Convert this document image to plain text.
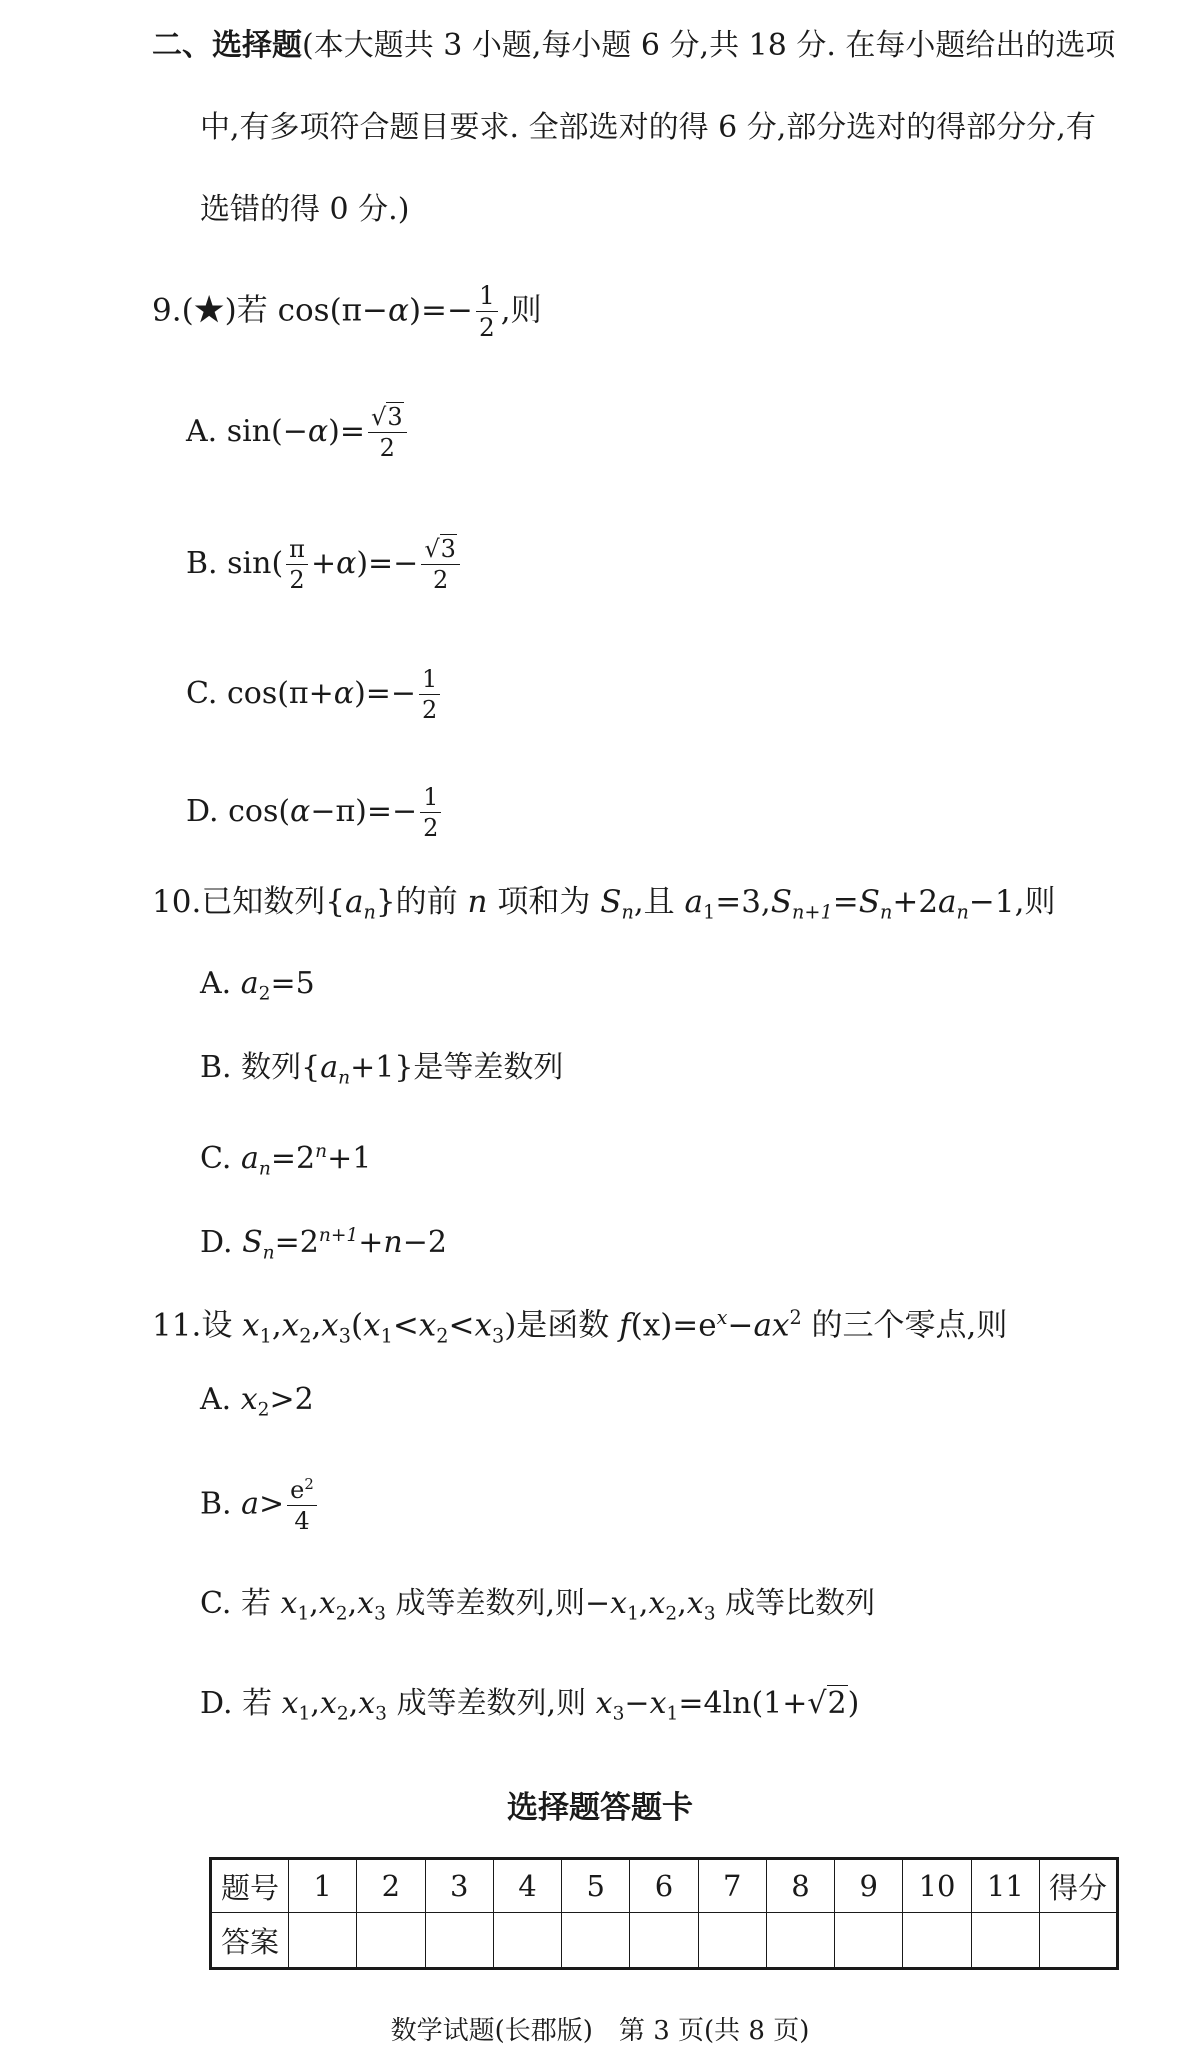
二、选择题(本大题共 3 小题,每小题 6 分,共 18 分. 在每小题给出的选项
中,有多项符合题目要求. 全部选对的得 6 分,部分选对的得部分分,有
选错的得 0 分.)
9.(★)若 $\cos(\pi-\alpha)=- \frac{1}{2}$ ,则
A. $\sin(-\alpha)= \frac{√3}{2}$
B. $\sin( \frac{\pi}{2} +\alpha)=- \frac{√3}{2}$
C. $\cos(\pi+\alpha)=- \frac{1}{2}$
D. $\cos(\alpha-\pi)=- \frac{1}{2}$
10.已知数列$\{a_n\}$的前 n 项和为 $S_n$,且 $a_1=3,S_{n+1}=S_n+2a_n-1$,则
A. $a_2=5$
B. 数列$\{a_n+1\}$是等差数列
C. $a_n=2^n+1$
D. $S_n=2^{n+1}+n-2$
11.设 $x_1,x_2,x_3(x_1<x_2<x_3)$是函数 $f(x)=e^x-ax^2$ 的三个零点,则
A. $x_2>2$
B. $a> \frac{e^2}{4}$
C. 若 $x_1,x_2,x_3$ 成等差数列,则$-x_1,x_2,x_3$ 成等比数列
D. 若 $x_1,x_2,x_3$ 成等差数列,则 $x_3-x_1=4\ln(1+√2)$
选择题答题卡
题号	1	2	3	4	5	6	7	8	9	10	11	得分
答案												
数学试题(长郡版)　第 3 页(共 8 页)
